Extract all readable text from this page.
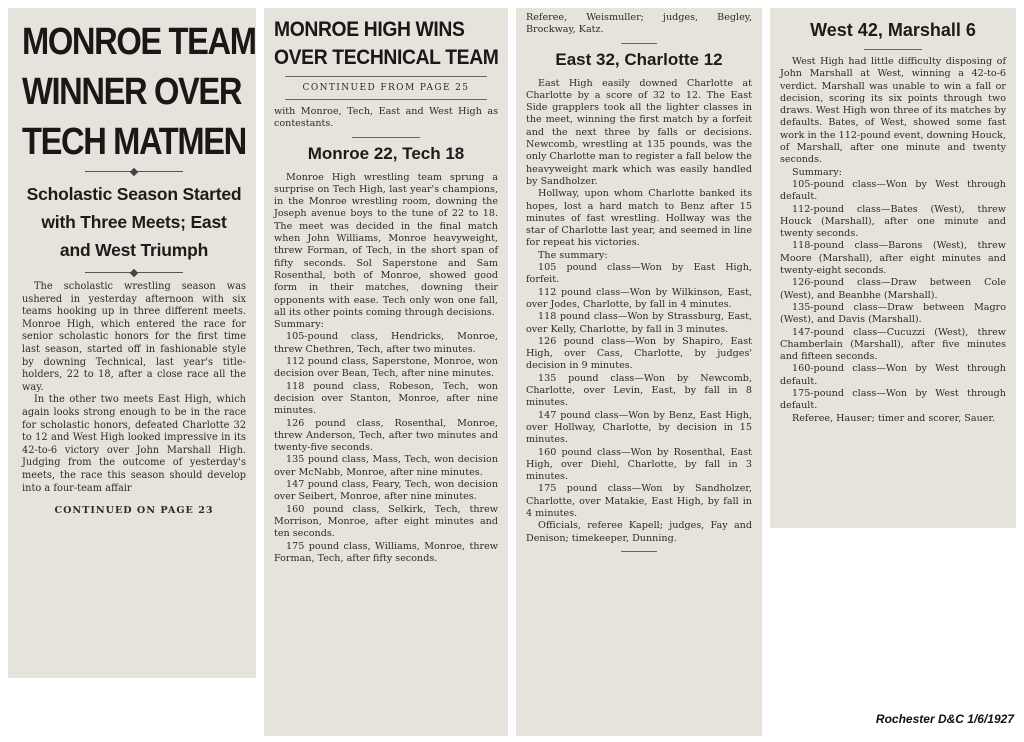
MONROE TEAM
WINNER OVER
TECH MATMEN
Scholastic Season Started
with Three Meets; East
and West Triumph

The scholastic wrestling season was ushered in yesterday afternoon with six teams hooking up in three different meets. Monroe High, which entered the race for senior scholastic honors for the first time last season, started off in fashionable style by downing Technical, last year's title-holders, 22 to 18, after a close race all the way.

In the other two meets East High, which again looks strong enough to be in the race for scholastic honors, defeated Charlotte 32 to 12 and West High looked impressive in its 42-to-6 victory over John Marshall High. Judging from the outcome of yesterday's meets, the race this season should develop into a four-team affair

CONTINUED ON PAGE 23
MONROE HIGH WINS
OVER TECHNICAL TEAM
CONTINUED FROM PAGE 25

with Monroe, Tech, East and West High as contestants.

Monroe 22, Tech 18

Monroe High wrestling team sprung a surprise on Tech High, last year's champions, in the Monroe wrestling room, downing the Joseph avenue boys to the tune of 22 to 18. The meet was decided in the final match when John Williams, Monroe heavyweight, threw Forman, of Tech, in the short span of fifty seconds. Sol Saperstone and Sam Rosenthal, both of Monroe, showed good form in their matches, downing their opponents with ease. Tech only won one fall, all its other points coming through decisions.

Summary:

105-pound class, Hendricks, Monroe, threw Chethren, Tech, after two minutes.

112 pound class, Saperstone, Monroe, won decision over Bean, Tech, after nine minutes.

118 pound class, Robeson, Tech, won decision over Stanton, Monroe, after nine minutes.

126 pound class, Rosenthal, Monroe, threw Anderson, Tech, after two minutes and twenty-five seconds.

135 pound class, Mass, Tech, won decision over McNabb, Monroe, after nine minutes.

147 pound class, Feary, Tech, won decision over Seibert, Monroe, after nine minutes.

160 pound class, Selkirk, Tech, threw Morrison, Monroe, after eight minutes and ten seconds.

175 pound class, Williams, Monroe, threw Forman, Tech, after fifty seconds.

Referee, Weismuller; judges, Begley, Brockway, Katz.

East 32, Charlotte 12

East High easily downed Charlotte at Charlotte by a score of 32 to 12. The East Side grapplers took all the lighter classes in the meet, winning the first match by a forfeit and the next three by falls or decisions. Newcomb, wrestling at 135 pounds, was the only Charlotte man to register a fall below the heavyweight mark which was easily handled by Sandholzer.

Hollway, upon whom Charlotte banked its hopes, lost a hard match to Benz after 15 minutes of fast wrestling. Hollway was the star of Charlotte last year, and seemed in line for repeat his victories.

The summary:

105 pound class—Won by East High, forfeit.

112 pound class—Won by Wilkinson, East, over Jodes, Charlotte, by fall in 4 minutes.

118 pound class—Won by Strassburg, East, over Kelly, Charlotte, by fall in 3 minutes.

126 pound class—Won by Shapiro, East High, over Cass, Charlotte, by judges' decision in 9 minutes.

135 pound class—Won by Newcomb, Charlotte, over Levin, East, by fall in 8 minutes.

147 pound class—Won by Benz, East High, over Hollway, Charlotte, by decision in 15 minutes.

160 pound class—Won by Rosenthal, East High, over Diehl, Charlotte, by fall in 3 minutes.

175 pound class—Won by Sandholzer, Charlotte, over Matakie, East High, by fall in 4 minutes.

Officials, referee Kapell; judges, Fay and Denison; timekeeper, Dunning.

West 42, Marshall 6

West High had little difficulty disposing of John Marshall at West, winning a 42-to-6 verdict. Marshall was unable to win a fall or decision, scoring its six points through two draws. West High won three of its matches by defaults. Bates, of West, showed some fast work in the 112-pound event, downing Houck, of Marshall, after one minute and twenty seconds.

Summary:

105-pound class—Won by West through default.

112-pound class—Bates (West), threw Houck (Marshall), after one minute and twenty seconds.

118-pound class—Barons (West), threw Moore (Marshall), after eight minutes and twenty-eight seconds.

126-pound class—Draw between Cole (West), and Beanbhe (Marshall).

135-pound class—Draw between Magro (West), and Davis (Marshall).

147-pound class—Cucuzzi (West), threw Chamberlain (Marshall), after five minutes and fifteen seconds.

160-pound class—Won by West through default.

175-pound class—Won by West through default.

Referee, Hauser; timer and scorer, Sauer.

Rochester D&C 1/6/1927
